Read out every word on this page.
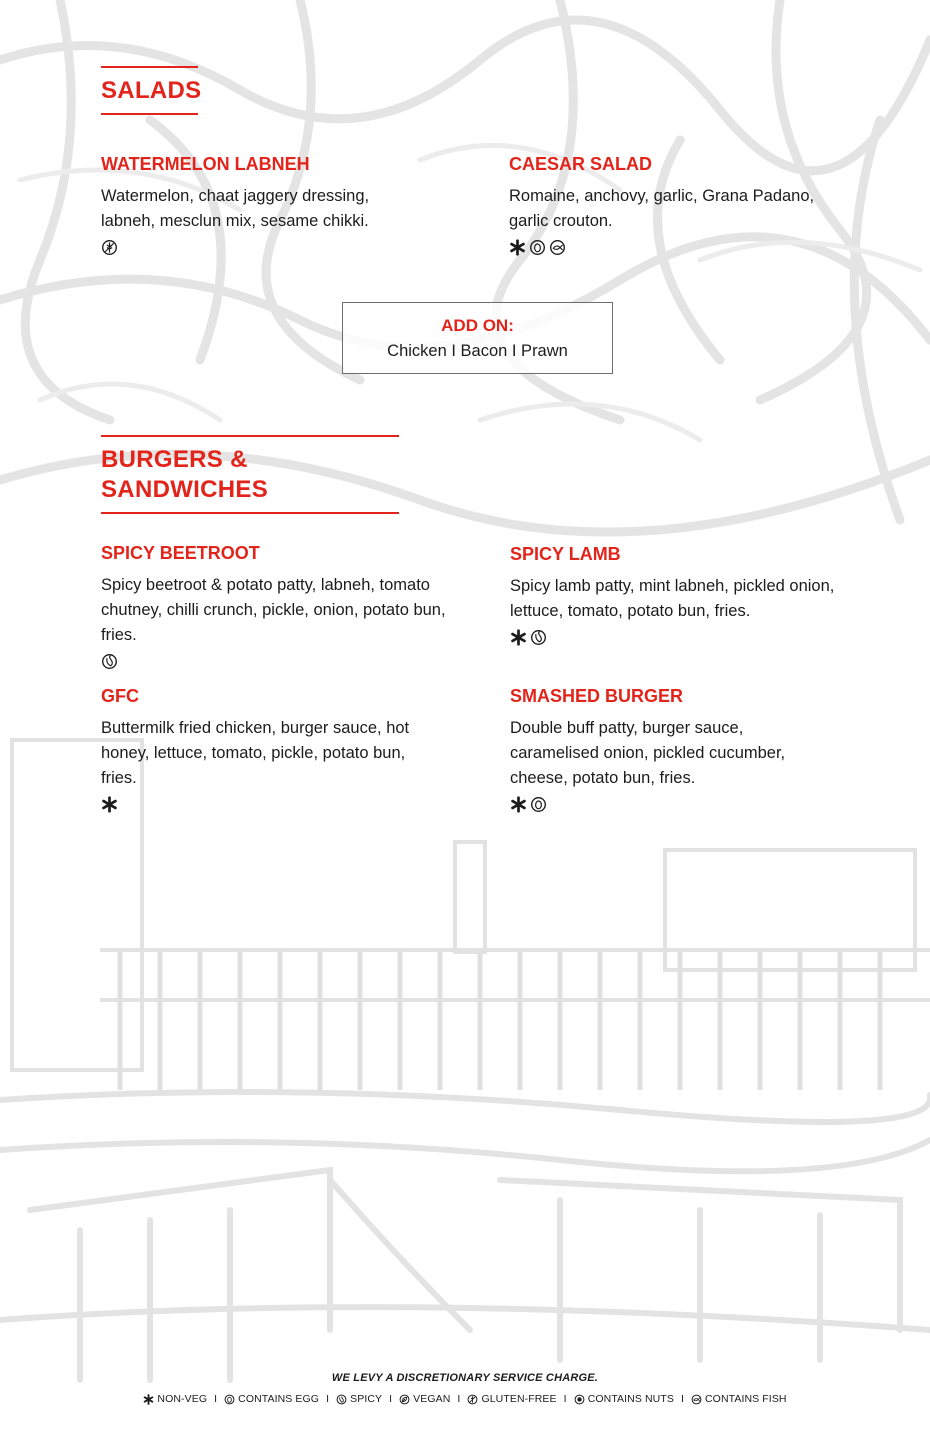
SALADS
WATERMELON LABNEH
Watermelon, chaat jaggery dressing, labneh, mesclun mix, sesame chikki.
CAESAR SALAD
Romaine, anchovy, garlic, Grana Padano, garlic crouton.
ADD ON:
Chicken I Bacon I Prawn
BURGERS & SANDWICHES
SPICY BEETROOT
Spicy beetroot & potato patty, labneh, tomato chutney, chilli crunch, pickle, onion, potato bun, fries.
SPICY LAMB
Spicy lamb patty, mint labneh, pickled onion, lettuce, tomato, potato bun, fries.
GFC
Buttermilk fried chicken, burger sauce, hot honey, lettuce, tomato, pickle, potato bun, fries.
SMASHED BURGER
Double buff patty, burger sauce, caramelised onion, pickled cucumber, cheese, potato bun, fries.
WE LEVY A DISCRETIONARY SERVICE CHARGE.
NON-VEG I CONTAINS EGG I SPICY I VEGAN I GLUTEN-FREE I CONTAINS NUTS I CONTAINS FISH
